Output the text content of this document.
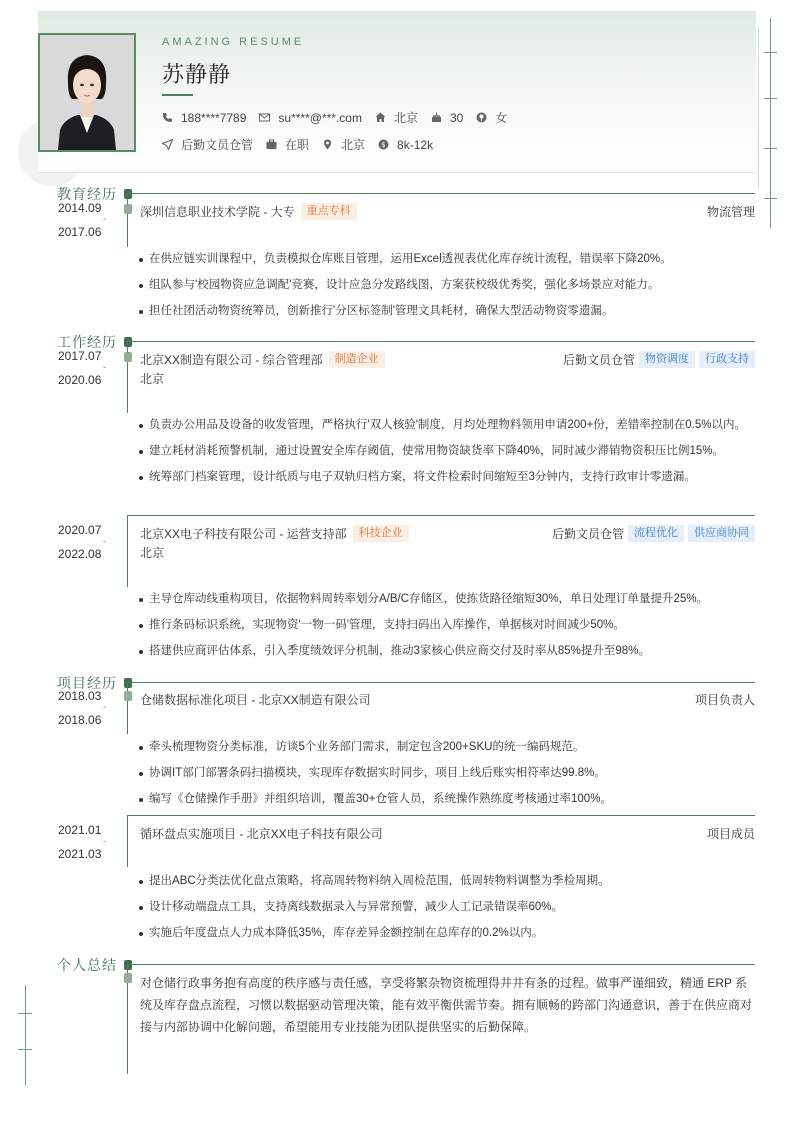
AMAZING RESUME
苏静静
188****7789	su****@***.com	北京	30	女
后勤文员仓管	在职	北京 $ 8k-12k
教育经历
2014.09
-
2017.06
深圳信息职业技术学院 - 大专	重点专科	物流管理
在供应链实训课程中，负责模拟仓库账目管理，运用Excel透视表优化库存统计流程，错误率下降20%。
组队参与'校园物资应急调配'竞赛，设计应急分发路线图，方案获校级优秀奖，强化多场景应对能力。
担任社团活动物资统筹员，创新推行'分区标签制'管理文具耗材，确保大型活动物资零遗漏。
工作经历
2017.07
-
2020.06
北京XX制造有限公司 - 综合管理部	制造企业	后勤文员仓管 物资调度	行政支持
北京
负责办公用品及设备的收发管理，严格执行'双人核验'制度，月均处理物料领用申请200+份，差错率控制在0.5%以内。
建立耗材消耗预警机制，通过设置安全库存阈值，使常用物资缺货率下降40%，同时减少滞销物资积压比例15%。
统筹部门档案管理，设计纸质与电子双轨归档方案，将文件检索时间缩短至3分钟内，支持行政审计零遗漏。
2020.07
-
2022.08
北京XX电子科技有限公司 - 运营支持部	科技企业	后勤文员仓管 流程优化	供应商协同
北京
主导仓库动线重构项目，依据物料周转率划分A/B/C存储区，使拣货路径缩短30%，单日处理订单量提升25%。
推行条码标识系统，实现物资'一物一码'管理，支持扫码出入库操作，单据核对时间减少50%。
搭建供应商评估体系，引入季度绩效评分机制，推动3家核心供应商交付及时率从85%提升至98%。
项目经历
2018.03
-
2018.06
仓储数据标准化项目 - 北京XX制造有限公司	项目负责人
牵头梳理物资分类标准，访谈5个业务部门需求，制定包含200+SKU的统一编码规范。
协调IT部门部署条码扫描模块，实现库存数据实时同步，项目上线后账实相符率达99.8%。
编写《仓储操作手册》并组织培训，覆盖30+仓管人员，系统操作熟练度考核通过率100%。
2021.01
-
2021.03
循环盘点实施项目 - 北京XX电子科技有限公司	项目成员
提出ABC分类法优化盘点策略，将高周转物料纳入周检范围，低周转物料调整为季检周期。
设计移动端盘点工具，支持离线数据录入与异常预警，减少人工记录错误率60%。
实施后年度盘点人力成本降低35%，库存差异金额控制在总库存的0.2%以内。
个人总结
对仓储行政事务抱有高度的秩序感与责任感，享受将繁杂物资梳理得井井有条的过程。做事严谨细致，精通 ERP 系统及库存盘点流程，习惯以数据驱动管理决策，能有效平衡供需节奏。拥有顺畅的跨部门沟通意识，善于在供应商对接与内部协调中化解问题，希望能用专业技能为团队提供坚实的后勤保障。
